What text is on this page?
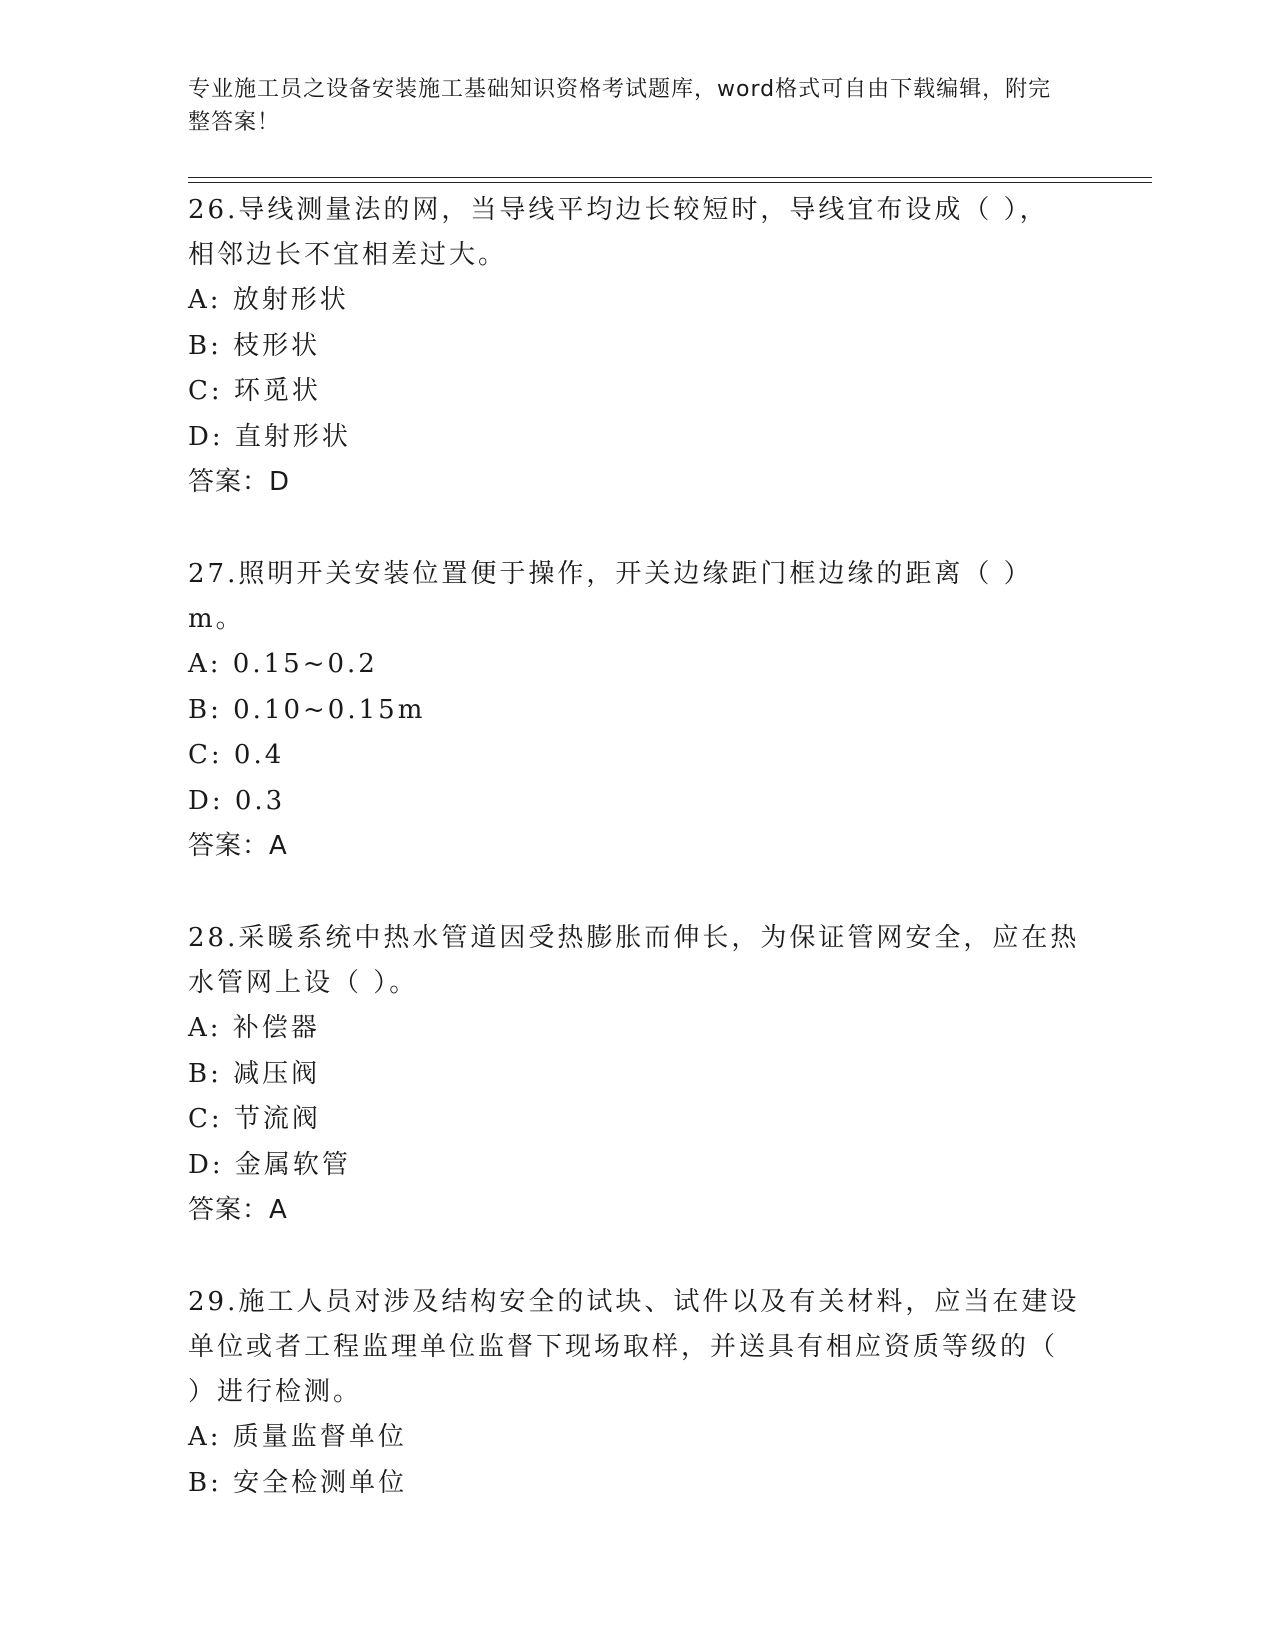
专业施工员之设备安装施工基础知识资格考试题库，word格式可自由下载编辑，附完整答案！
26.导线测量法的网，当导线平均边长较短时，导线宜布设成（ ），
相邻边长不宜相差过大。
A: 放射形状
B: 枝形状
C: 环觅状
D: 直射形状
答案：D
27.照明开关安装位置便于操作，开关边缘距门框边缘的距离（ ）m。
A: 0.15~0.2
B: 0.10~0.15m
C: 0.4
D: 0.3
答案：A
28.采暖系统中热水管道因受热膨胀而伸长，为保证管网安全，应在热
水管网上设（ ）。
A: 补偿器
B: 减压阀
C: 节流阀
D: 金属软管
答案：A
29.施工人员对涉及结构安全的试块、试件以及有关材料，应当在建设
单位或者工程监理单位监督下现场取样，并送具有相应资质等级的（
）进行检测。
A: 质量监督单位
B: 安全检测单位
